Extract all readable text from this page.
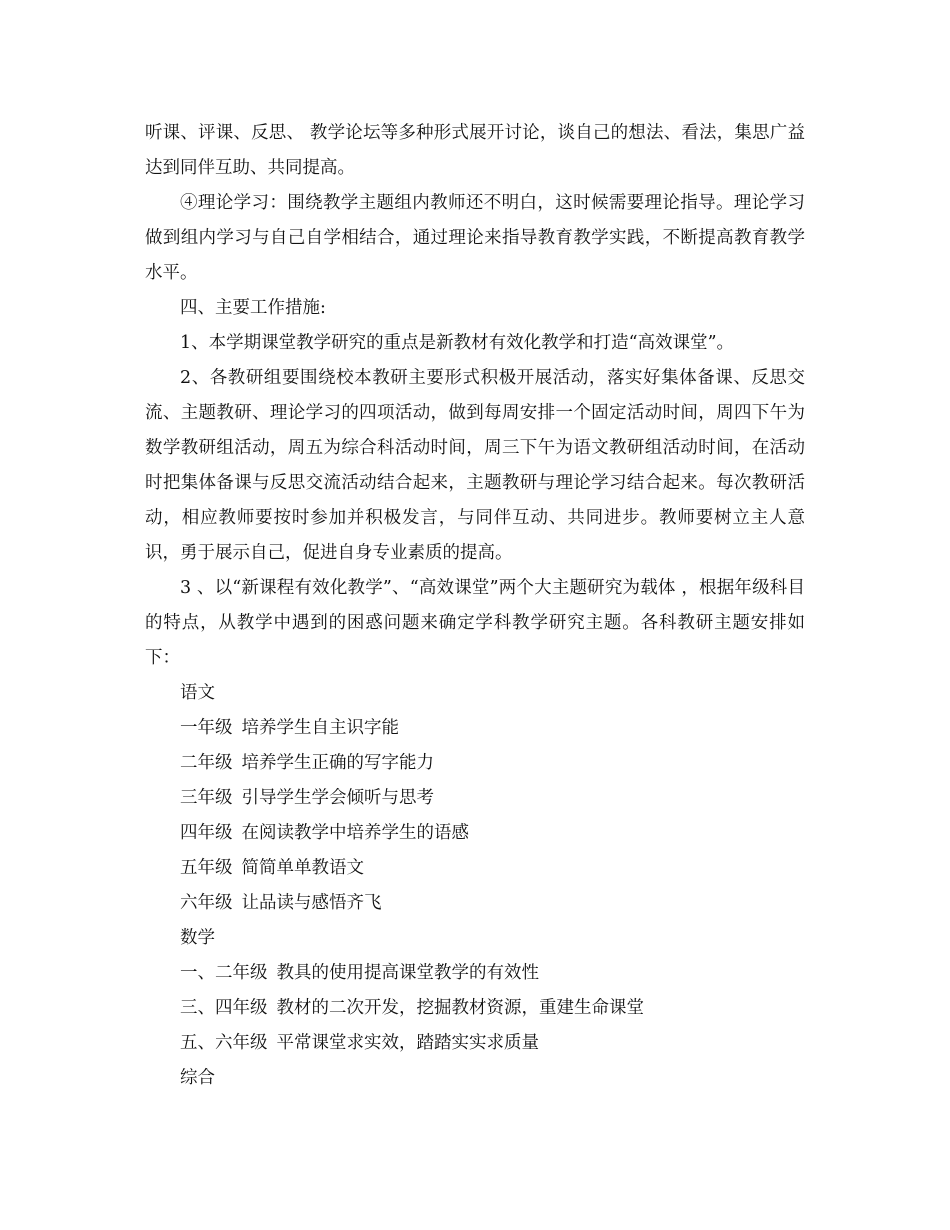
听课、评课、反思、 教学论坛等多种形式展开讨论，谈自己的想法、看法，集思广益达到同伴互助、共同提高。

④理论学习：围绕教学主题组内教师还不明白，这时候需要理论指导。理论学习做到组内学习与自己自学相结合，通过理论来指导教育教学实践，不断提高教育教学水平。

四、主要工作措施:

1、本学期课堂教学研究的重点是新教材有效化教学和打造“高效课堂”。

2、各教研组要围绕校本教研主要形式积极开展活动，落实好集体备课、反思交流、主题教研、理论学习的四项活动，做到每周安排一个固定活动时间，周四下午为数学教研组活动，周五为综合科活动时间，周三下午为语文教研组活动时间，在活动时把集体备课与反思交流活动结合起来，主题教研与理论学习结合起来。每次教研活动，相应教师要按时参加并积极发言，与同伴互动、共同进步。教师要树立主人意识，勇于展示自己，促进自身专业素质的提高。

3 、以“新课程有效化教学”、“高效课堂”两个大主题研究为载体 ，根据年级科目的特点，从教学中遇到的困惑问题来确定学科教学研究主题。各科教研主题安排如下：

语文

一年级 培养学生自主识字能

二年级 培养学生正确的写字能力

三年级 引导学生学会倾听与思考

四年级 在阅读教学中培养学生的语感

五年级 简简单单教语文

六年级 让品读与感悟齐飞

数学

一、二年级 教具的使用提高课堂教学的有效性

三、四年级 教材的二次开发，挖掘教材资源，重建生命课堂

五、六年级 平常课堂求实效，踏踏实实求质量

综合
